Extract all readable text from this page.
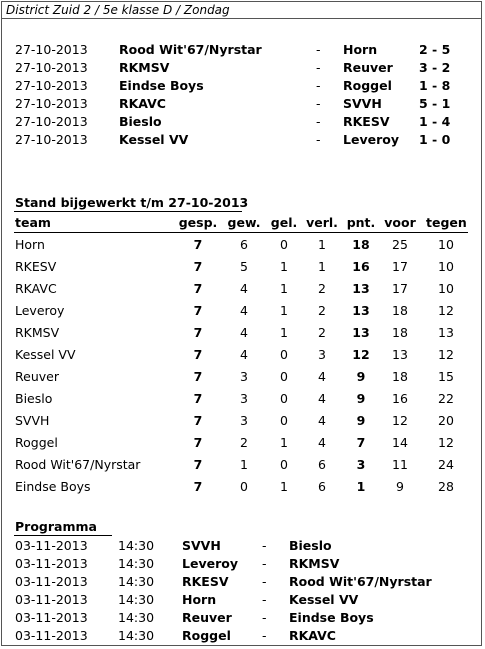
District Zuid 2 / 5e klasse D / Zondag
27-10-2013	Rood Wit'67/Nyrstar	- Horn	2 - 5
27-10-2013	RKMSV	- Reuver 3 - 2
27-10-2013	Eindse Boys	- Roggel 1 - 8
27-10-2013	RKAVC	- SVVH	5 - 1
27-10-2013	Bieslo	- RKESV 1 - 4
27-10-2013	Kessel VV	- Leveroy 1 - 0
Stand bijgewerkt t/m 27-10-2013
team	gesp. gew. gel. verl. pnt. voor tegen
Horn	7	6	0	1	18	25	10
RKESV	7	5	1	1	16	17	10
RKAVC	7	4	1	2	13	17	10
Leveroy	7	4	1	2	13	18	12
RKMSV	7	4	1	2	13	18	13
Kessel VV	7	4	0	3	12	13	12
Reuver	7	3	0	4	9	18	15
Bieslo	7	3	0	4	9	16	22
SVVH	7	3	0	4	9	12	20
Roggel	7	2	1	4	7	14	12
Rood Wit'67/Nyrstar	7	1	0	6	3	11	24
Eindse Boys	7	0	1	6	1	9	28
Programma
03-11-2013 14:30 SVVH	- Bieslo
03-11-2013 14:30 Leveroy - RKMSV
03-11-2013 14:30 RKESV	- Rood Wit'67/Nyrstar
03-11-2013 14:30 Horn	- Kessel VV
03-11-2013 14:30 Reuver - Eindse Boys
03-11-2013 14:30 Roggel - RKAVC
